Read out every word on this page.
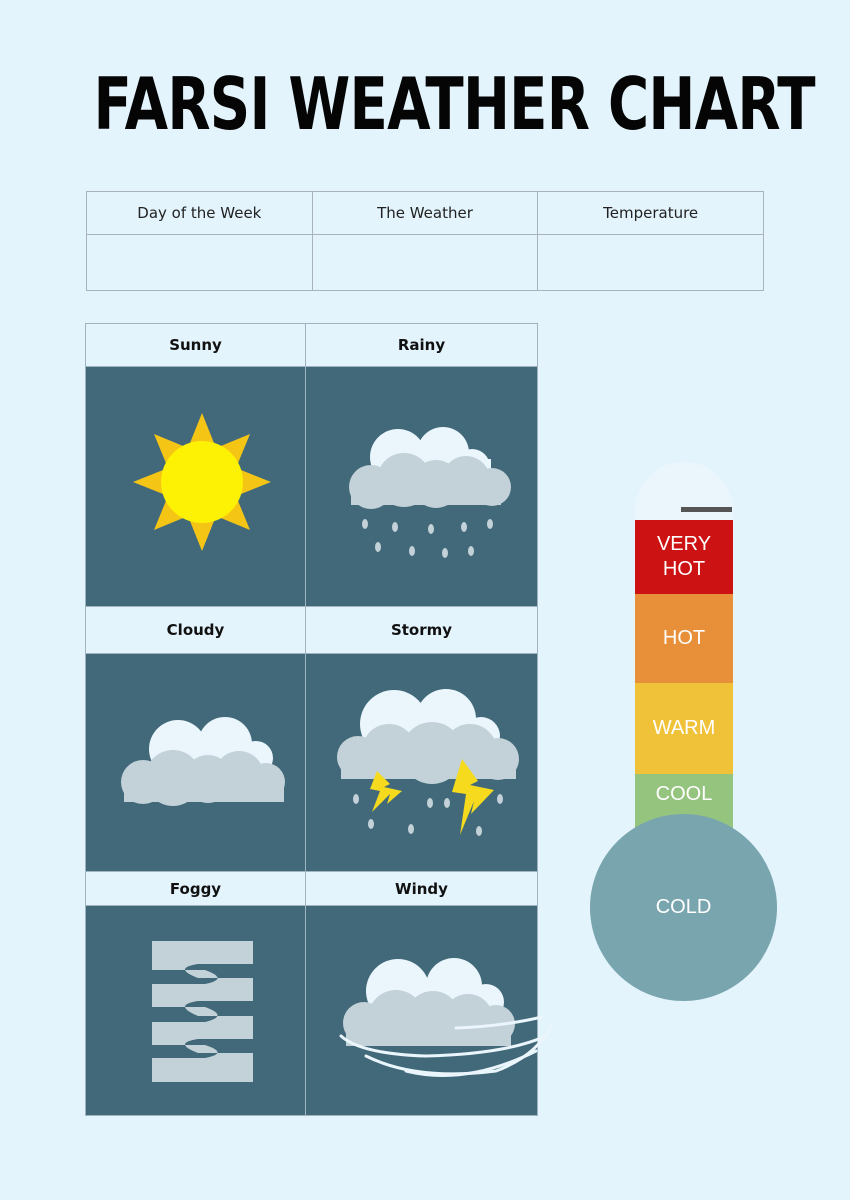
FARSI WEATHER CHART
Day of the Week	The Weather	Temperature

Sunny	Rainy
Cloudy	Stormy
Foggy	Windy
VERY HOT
HOT
WARM
COOL
COLD
